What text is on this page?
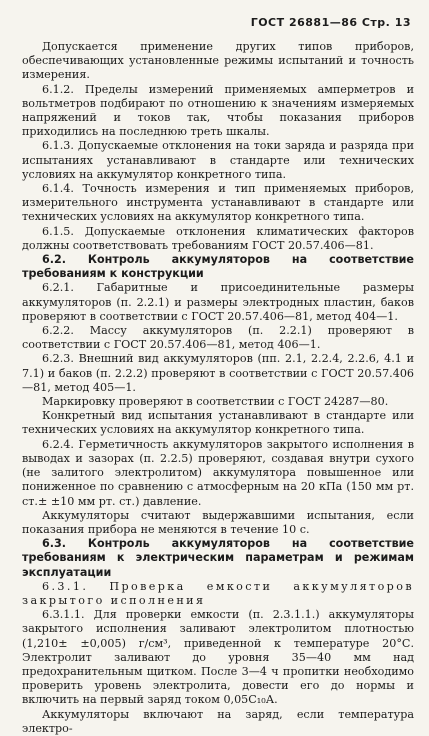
ГОСТ 26881—86 Стр. 13

Допускается применение других типов приборов, обеспечивающих установленные режимы испытаний и точность измерения.

6.1.2. Пределы измерений применяемых амперметров и вольтметров подбирают по отношению к значениям измеряемых напряжений и токов так, чтобы показания приборов приходились на последнюю треть шкалы.

6.1.3. Допускаемые отклонения на токи заряда и разряда при испытаниях устанавливают в стандарте или технических условиях на аккумулятор конкретного типа.

6.1.4. Точность измерения и тип применяемых приборов, измерительного инструмента устанавливают в стандарте или технических условиях на аккумулятор конкретного типа.

6.1.5. Допускаемые отклонения климатических факторов должны соответствовать требованиям ГОСТ 20.57.406—81.

6.2. Контроль аккумуляторов на соответствие требованиям к конструкции

6.2.1. Габаритные и присоединительные размеры аккумуляторов (п. 2.2.1) и размеры электродных пластин, баков проверяют в соответствии с ГОСТ 20.57.406—81, метод 404—1.

6.2.2. Массу аккумуляторов (п. 2.2.1) проверяют в соответствии с ГОСТ 20.57.406—81, метод 406—1.

6.2.3. Внешний вид аккумуляторов (пп. 2.1, 2.2.4, 2.2.6, 4.1 и 7.1) и баков (п. 2.2.2) проверяют в соответствии с ГОСТ 20.57.406—81, метод 405—1.

Маркировку проверяют в соответствии с ГОСТ 24287—80.

Конкретный вид испытания устанавливают в стандарте или технических условиях на аккумулятор конкретного типа.

6.2.4. Герметичность аккумуляторов закрытого исполнения в выводах и зазорах (п. 2.2.5) проверяют, создавая внутри сухого (не залитого электролитом) аккумулятора повышенное или пониженное по сравнению с атмосферным на 20 кПа (150 мм рт. ст.± ±10 мм рт. ст.) давление.

Аккумуляторы считают выдержавшими испытания, если показания прибора не меняются в течение 10 с.

6.3. Контроль аккумуляторов на соответствие требованиям к электрическим параметрам и режимам эксплуатации

6.3.1. Проверка емкости аккумуляторов закрытого исполнения

6.3.1.1. Для проверки емкости (п. 2.3.1.1.) аккумуляторы закрытого исполнения заливают электролитом плотностью (1,210± ±0,005) г/см³, приведенной к температуре 20°С. Электролит заливают до уровня 35—40 мм над предохранительным щитком. После 3—4 ч пропитки необходимо проверить уровень электролита, довести его до нормы и включить на первый заряд током 0,05C₁₀А.

Аккумуляторы включают на заряд, если температура электро-
